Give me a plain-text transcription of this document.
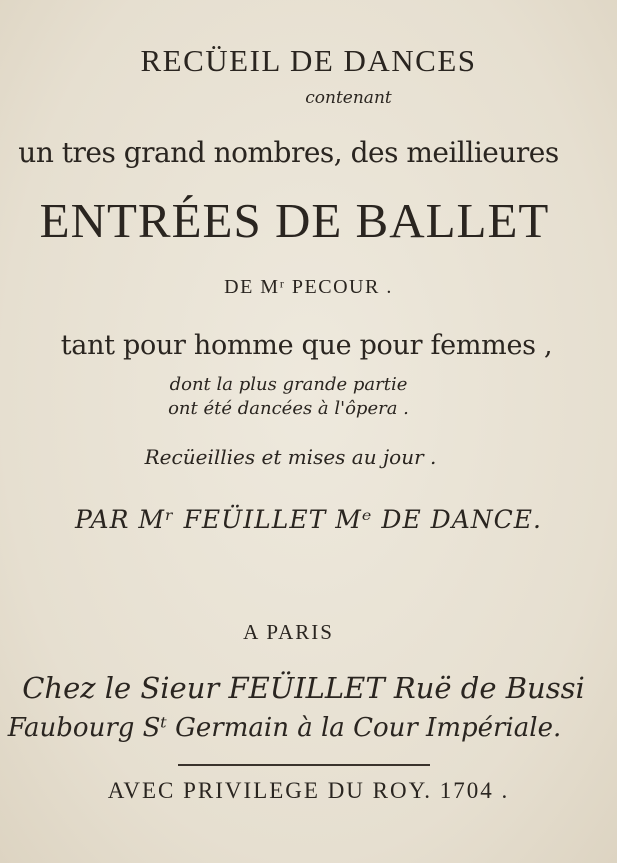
RECÜEIL DE DANCES
contenant
un tres grand nombres, des meillieures
ENTRÉES DE BALLET
DE Mʳ PECOUR .
tant pour homme que pour femmes ,
dont la plus grande partie
ont été dancées à l'ôpera .
Recüeillies et mises au jour .
PAR Mʳ FEÜILLET Mᵉ DE DANCE.
A PARIS
Chez le Sieur FEÜILLET Ruë de Bussi
Faubourg Sᵗ Germain à la Cour Impériale.
AVEC PRIVILEGE DU ROY. 1704 .
